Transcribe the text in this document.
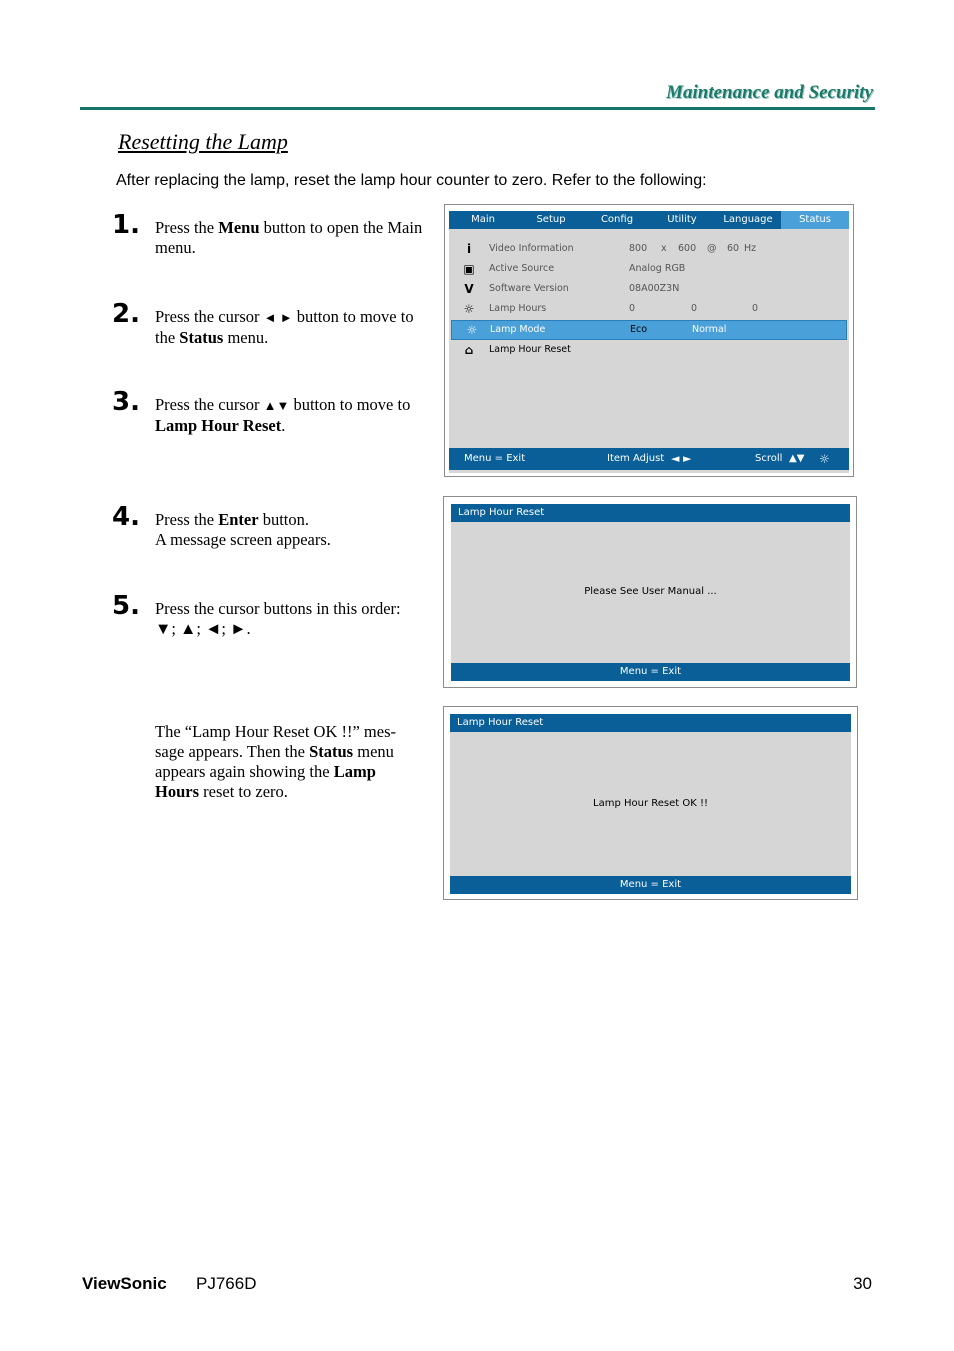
Maintenance and Security
Resetting the Lamp
After replacing the lamp, reset the lamp hour counter to zero. Refer to the following:
1. Press the Menu button to open the Main menu.
2. Press the cursor ◄ ► button to move to the Status menu.
3. Press the cursor ▲▼ button to move to Lamp Hour Reset.
4. Press the Enter button.
A message screen appears.
5. Press the cursor buttons in this order:
▼; ▲; ◄; ►.
The “Lamp Hour Reset OK !!” mes-sage appears. Then the Status menu appears again showing the Lamp Hours reset to zero.
Main	Setup	Config	Utility	Language	Status
i	Video Information	800 x 600 @ 60 Hz
▣ Active Source	Analog RGB
V	Software Version	08A00Z3N
☼ Lamp Hours	0	0	0
☼ Lamp Mode	Eco	Normal
⌂	Lamp Hour Reset
Menu = Exit	Item Adjust ◄ ►	Scroll ▲▼ ☼
Lamp Hour Reset
Please See User Manual ...
Menu = Exit
Lamp Hour Reset
Lamp Hour Reset OK !!
Menu = Exit
ViewSonic PJ766D	30
